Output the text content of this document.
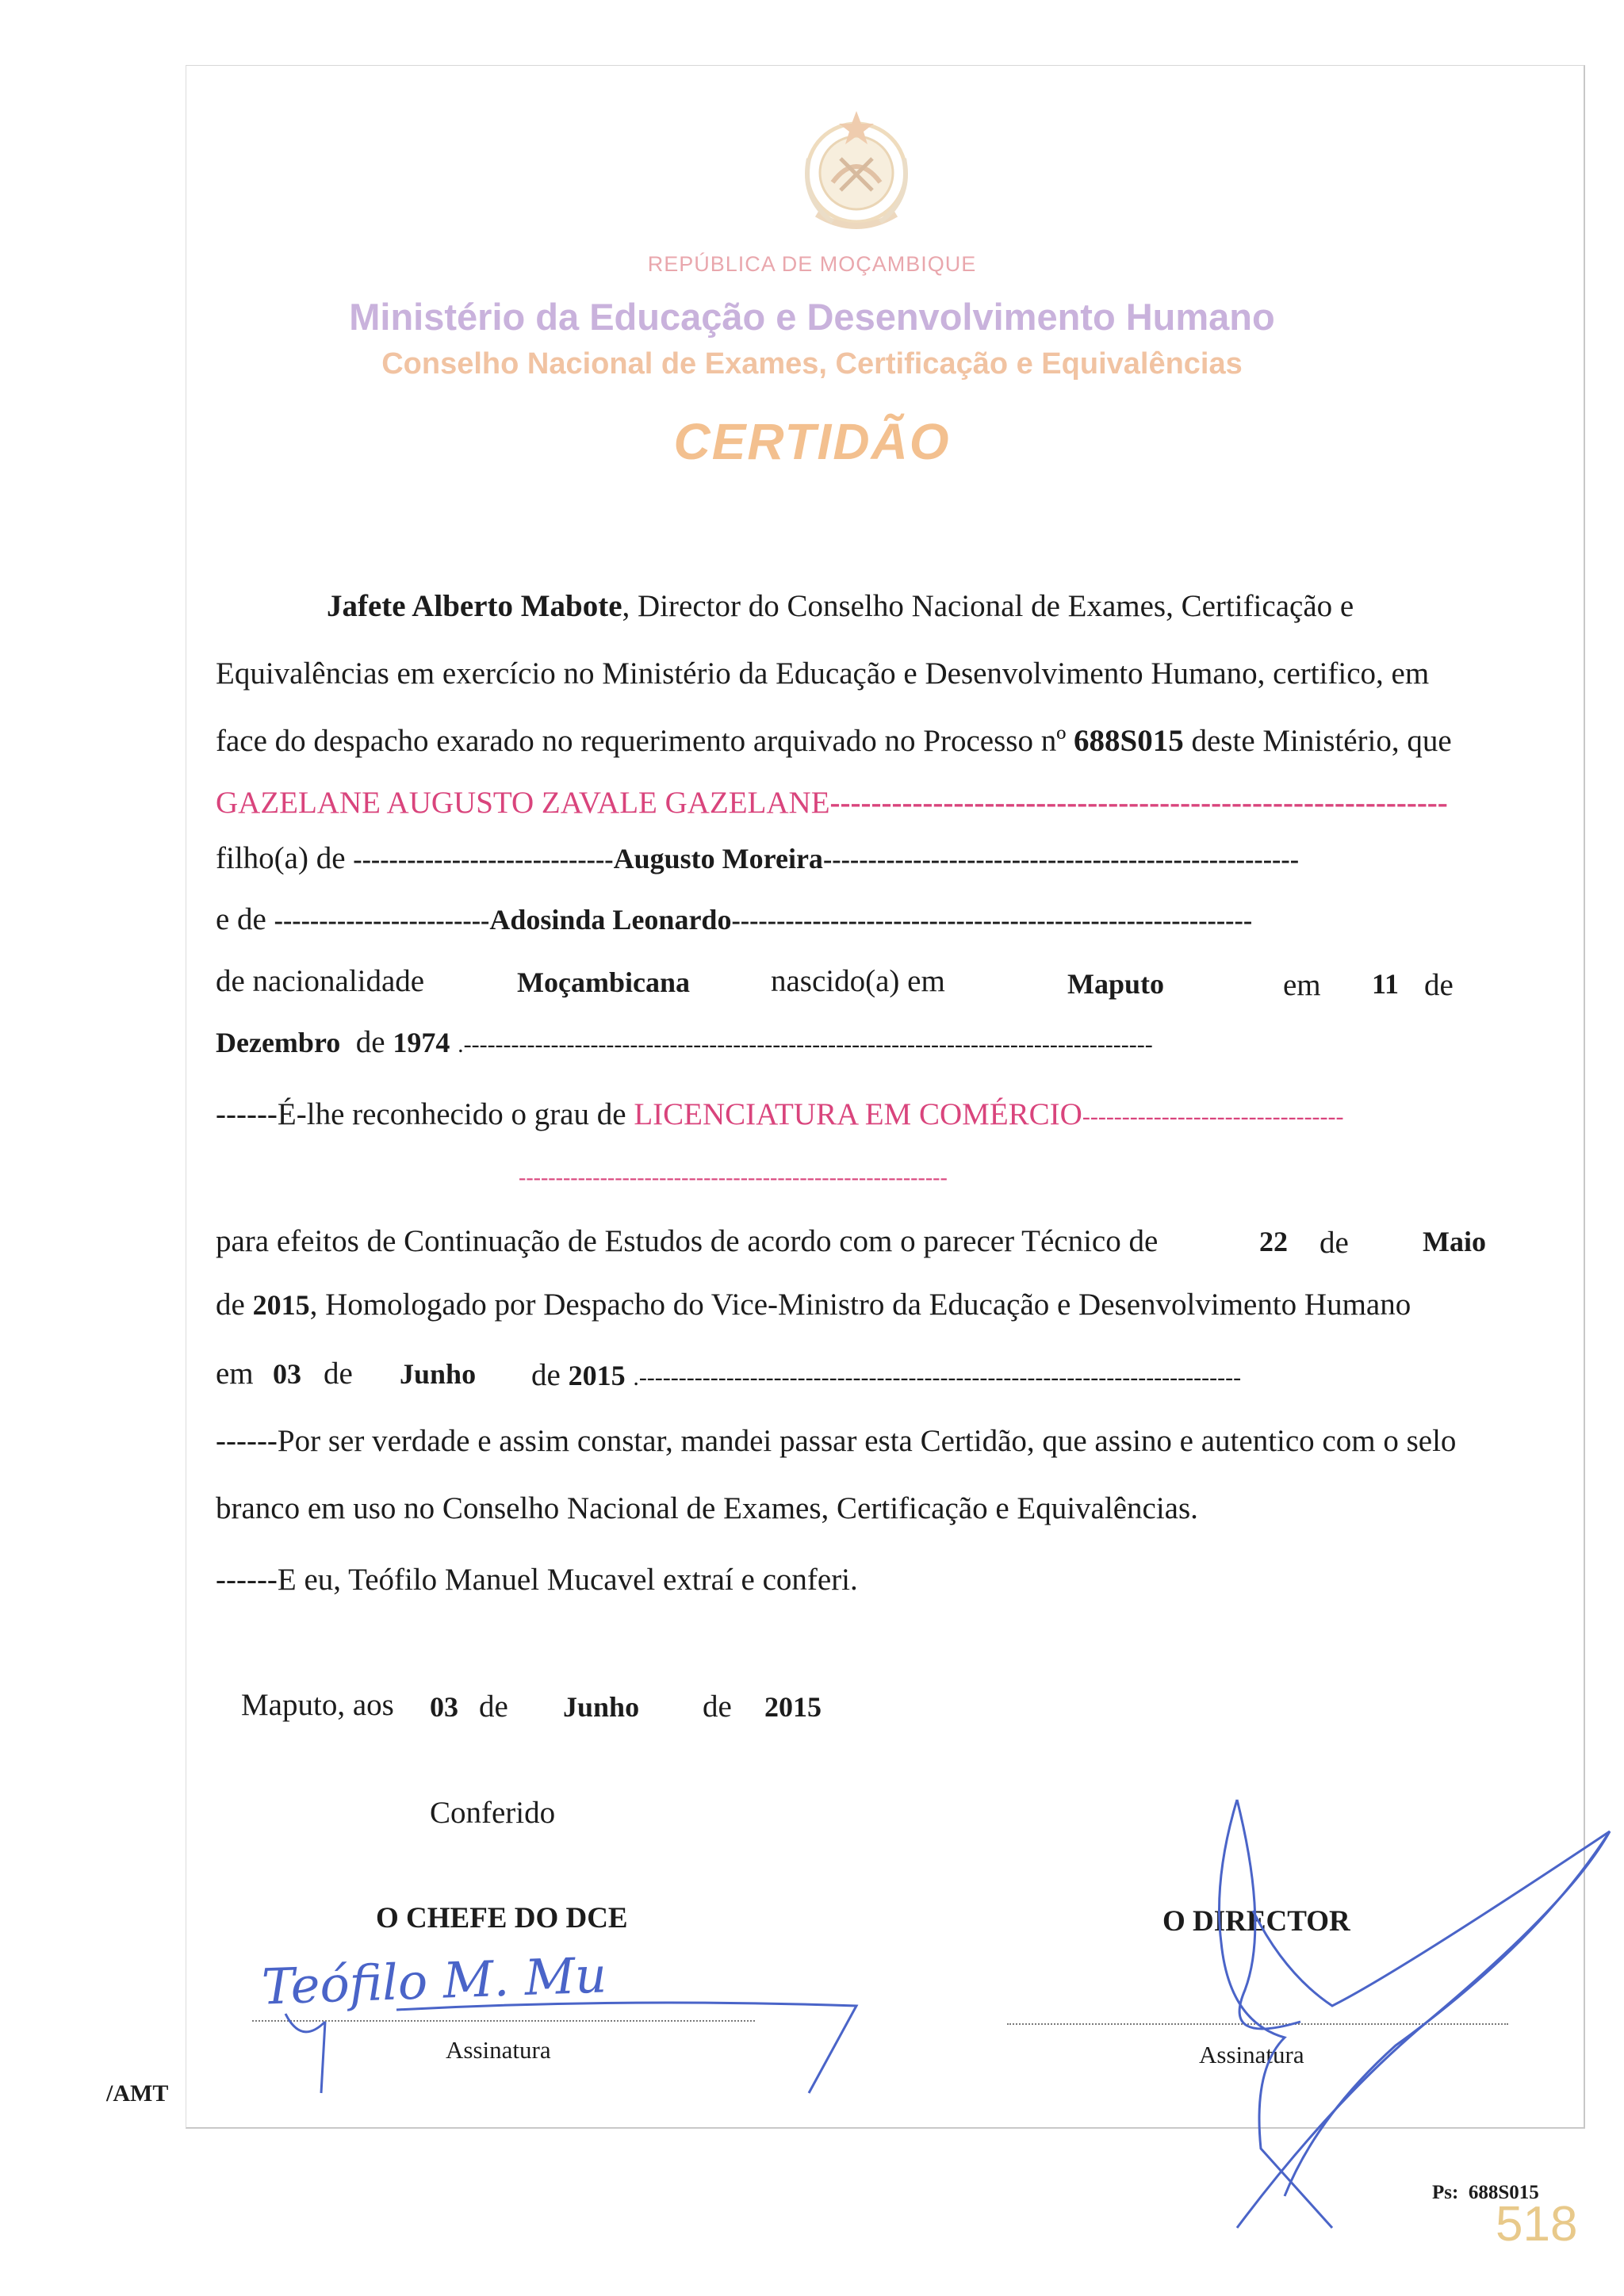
REPÚBLICA DE MOÇAMBIQUE
Ministério da Educação e Desenvolvimento Humano
Conselho Nacional de Exames, Certificação e Equivalências
CERTIDÃO
Jafete Alberto Mabote, Director do Conselho Nacional de Exames, Certificação e
Equivalências em exercício no Ministério da Educação e Desenvolvimento Humano, certifico, em
face do despacho exarado no requerimento arquivado no Processo nº 688S015 deste Ministério, que
GAZELANE AUGUSTO ZAVALE GAZELANE------------------------------------------------------------
filho(a) de -----------------------------Augusto Moreira-----------------------------------------------------
e de ------------------------Adosinda Leonardo----------------------------------------------------------
de nacionalidade	Moçambicana	nascido(a) em	Maputo	em 11 de
Dezembro de 1974 .---------------------------------------------------------------------------------------
------É-lhe reconhecido o grau de LICENCIATURA EM COMÉRCIO---------------------------------
----------------------------------------------------------
para efeitos de Continuação de Estudos de acordo com o parecer Técnico de	22 de	Maio
de 2015, Homologado por Despacho do Vice-Ministro da Educação e Desenvolvimento Humano
em 03 de Junho de 2015 .----------------------------------------------------------------------------
------Por ser verdade e assim constar, mandei passar esta Certidão, que assino e autentico com o selo
branco em uso no Conselho Nacional de Exames, Certificação e Equivalências.
------E eu, Teófilo Manuel Mucavel extraí e conferi.
Maputo, aos 03 de Junho de 2015
Conferido
O CHEFE DO DCE	O DIRECTOR
Assinatura	Assinatura
Teófilo M. Mu
/AMT
Ps: 688S015
518
